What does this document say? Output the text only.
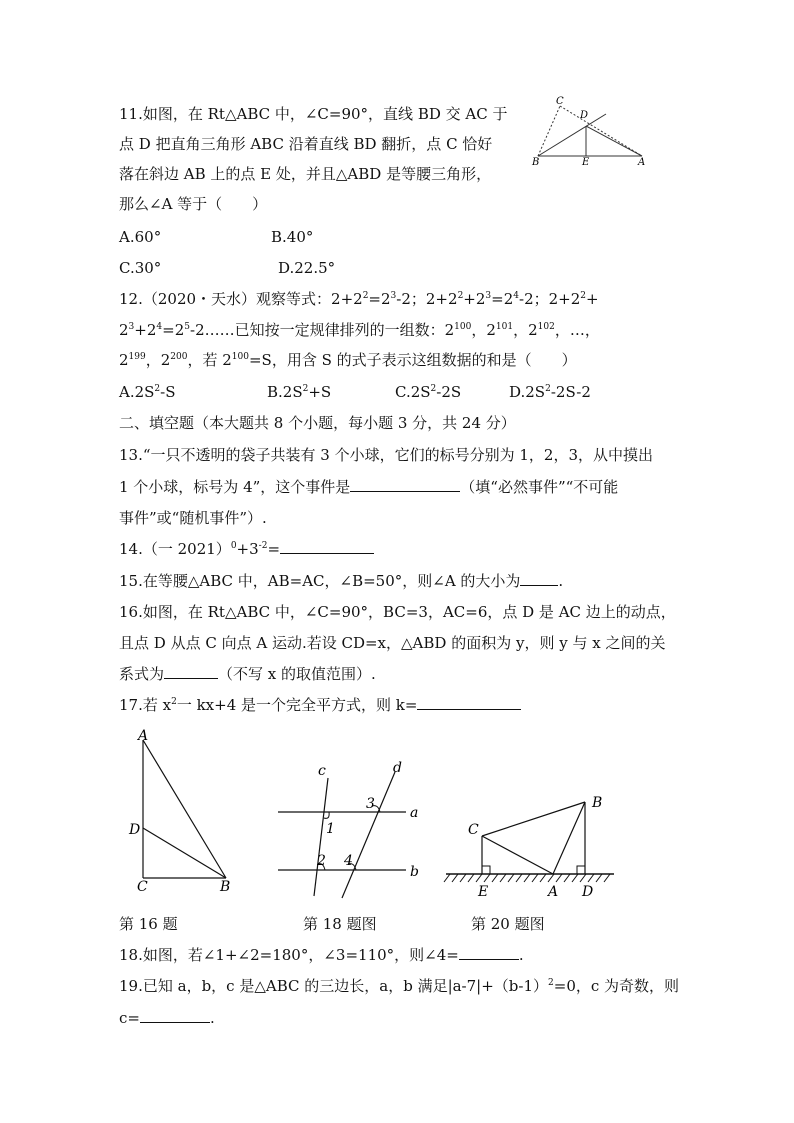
11.如图，在 Rt△ABC 中，∠C=90°，直线 BD 交 AC 于
点 D 把直角三角形 ABC 沿着直线 BD 翻折，点 C 恰好
落在斜边 AB 上的点 E 处，并且△ABD 是等腰三角形，
那么∠A 等于（　　）
C
D
B	E	A
A.60°	B.40°
C.30°	D.22.5°
12.（2020・天水）观察等式：$2+2^2=2^3-2$；$2+2^2+2^3=2^4-2$；$2+2^2+$
$2^3+2^4=2^5-2\dots\dots$已知按一定规律排列的一组数：$2^{100}$，$2^{101}$，$2^{102}$，…，
$2^{199}$，$2^{200}$，若 $2^{100}=S$，用含 S 的式子表示这组数据的和是（　　）
$A.2S^2-S$	$B.2S^2+S$	$C.2S^2-2S$	$D.2S^2-2S-2$
二、填空题（本大题共 8 个小题，每小题 3 分，共 24 分）
13.“一只不透明的袋子共装有 3 个小球，它们的标号分别为 1，2，3，从中摸出
1 个小球，标号为 4”，这个事件是	（填“必然事件”“不可能
事件”或“随机事件”）.
14.（一 $2021)^0+3^{-2}=$
15.在等腰△ABC 中，AB=AC，∠B=50°，则∠A 的大小为	.
16.如图，在 Rt△ABC 中，∠C=90°，BC=3，AC=6，点 D 是 AC 边上的动点，
且点 D 从点 C 向点 A 运动.若设 CD=x，△ABD 的面积为 y，则 y 与 x 之间的关
系式为	（不写 x 的取值范围）.
17.若 $x^2$一 kx+4 是一个完全平方式，则 k=
A
D
C	B
c	d
3
a
1
2 4
b
B
C
E	A D
第 16 题	第 18 题图	第 20 题图
18.如图，若∠1+∠2=180°，∠3=110°，则∠4=	.
19.已知 a，b，c 是△ABC 的三边长，a，b 满足$|a-7|+(b-1)^2=0$，c 为奇数，则
c=	.
